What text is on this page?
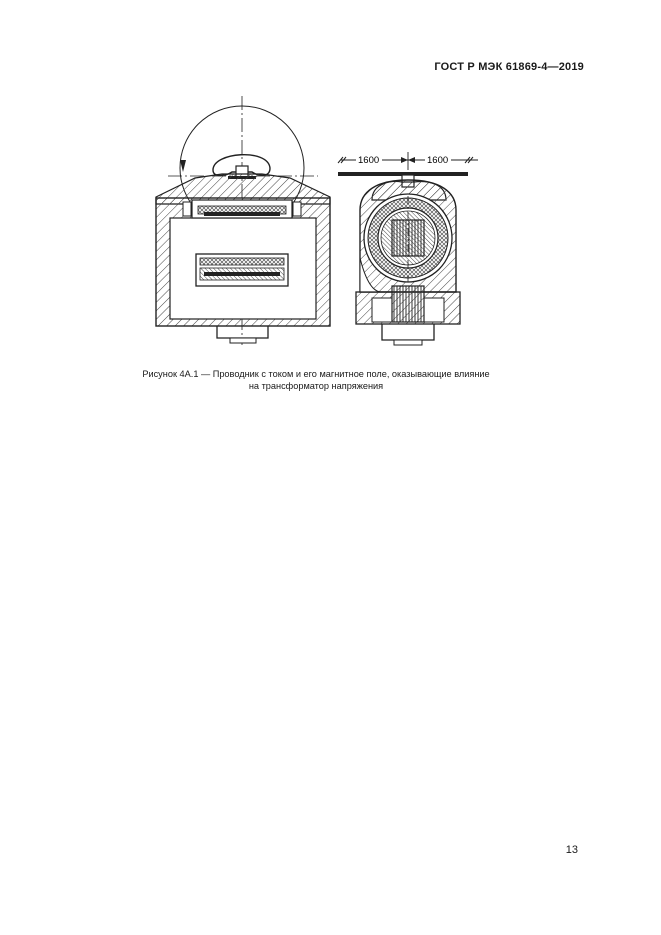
ГОСТ Р МЭК 61869-4—2019
1600	1600
Рисунок 4А.1 — Проводник с током и его магнитное поле, оказывающие влияние
на трансформатор напряжения
13
